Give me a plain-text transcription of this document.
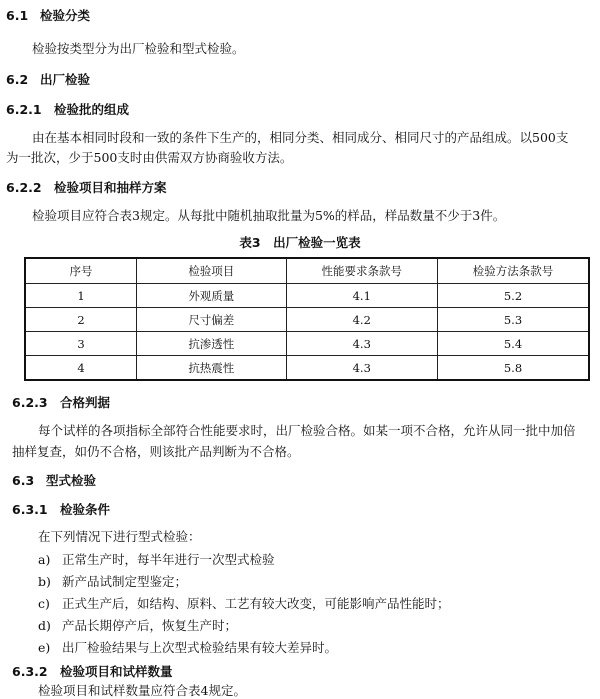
6.1 检验分类
检验按类型分为出厂检验和型式检验。
6.2 出厂检验
6.2.1 检验批的组成
由在基本相同时段和一致的条件下生产的，相同分类、相同成分、相同尺寸的产品组成。以500支
为一批次，少于500支时由供需双方协商验收方法。
6.2.2 检验项目和抽样方案
检验项目应符合表3规定。从每批中随机抽取批量为5%的样品，样品数量不少于3件。
表3　出厂检验一览表
序号	检验项目	性能要求条款号	检验方法条款号
1	外观质量	4.1	5.2
2	尺寸偏差	4.2	5.3
3	抗渗透性	4.3	5.4
4	抗热震性	4.3	5.8
6.2.3 合格判据
每个试样的各项指标全部符合性能要求时，出厂检验合格。如某一项不合格，允许从同一批中加倍
抽样复查，如仍不合格，则该批产品判断为不合格。
6.3 型式检验
6.3.1 检验条件
在下列情况下进行型式检验：
a) 正常生产时，每半年进行一次型式检验
b) 新产品试制定型鉴定；
c) 正式生产后，如结构、原料、工艺有较大改变，可能影响产品性能时；
d) 产品长期停产后，恢复生产时；
e) 出厂检验结果与上次型式检验结果有较大差异时。
6.3.2 检验项目和试样数量
检验项目和试样数量应符合表4规定。
